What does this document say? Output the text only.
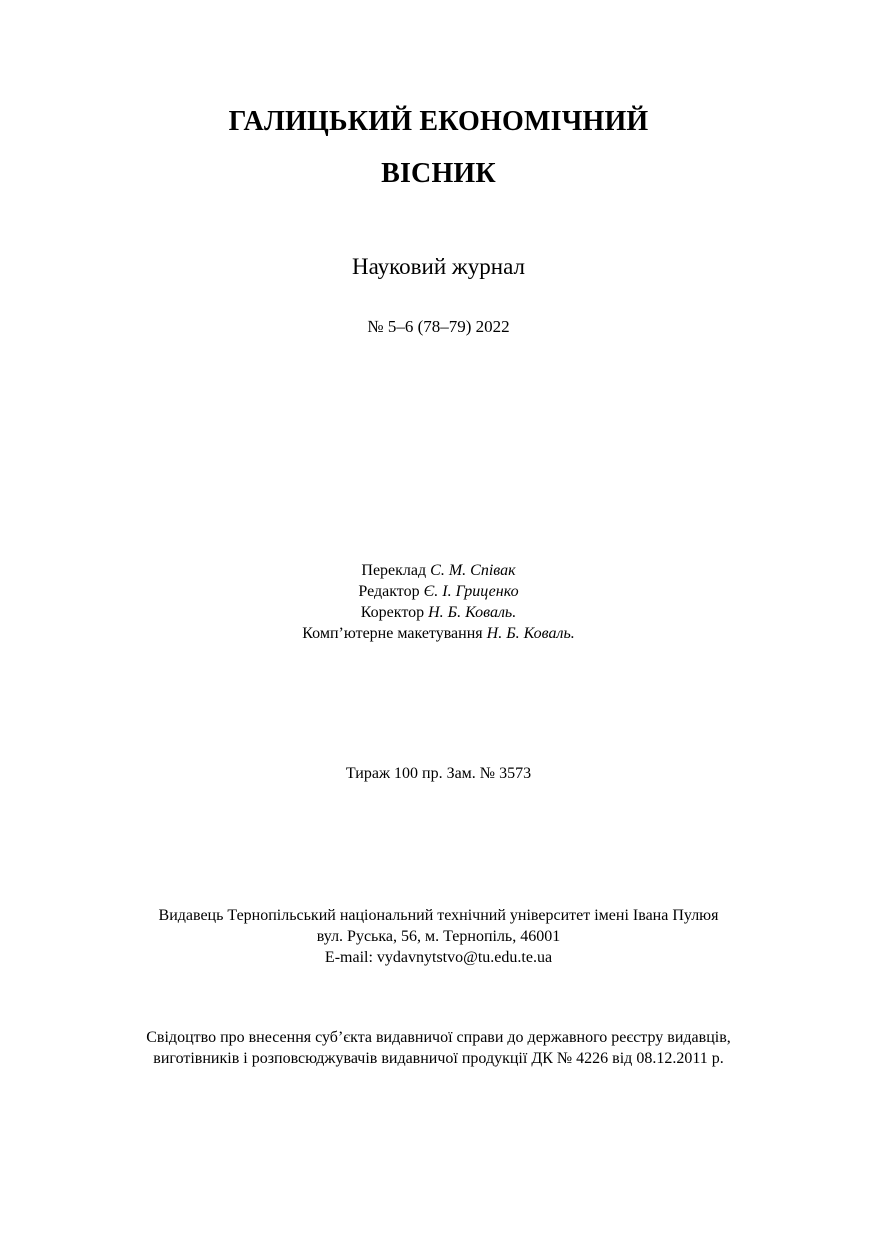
ГАЛИЦЬКИЙ ЕКОНОМІЧНИЙ
ВІСНИК
Науковий журнал
№ 5–6 (78–79) 2022
Переклад С. М. Співак
Редактор Є. І. Гриценко
Коректор Н. Б. Коваль.
Комп’ютерне макетування Н. Б. Коваль.
Тираж 100 пр. Зам. № 3573
Видавець Тернопільський національний технічний університет імені Івана Пулюя
вул. Руська, 56, м. Тернопіль, 46001
E-mail: vydavnytstvo@tu.edu.te.ua
Свідоцтво про внесення суб’єкта видавничої справи до державного реєстру видавців,
виготівників і розповсюджувачів видавничої продукції ДК № 4226 від 08.12.2011 р.
